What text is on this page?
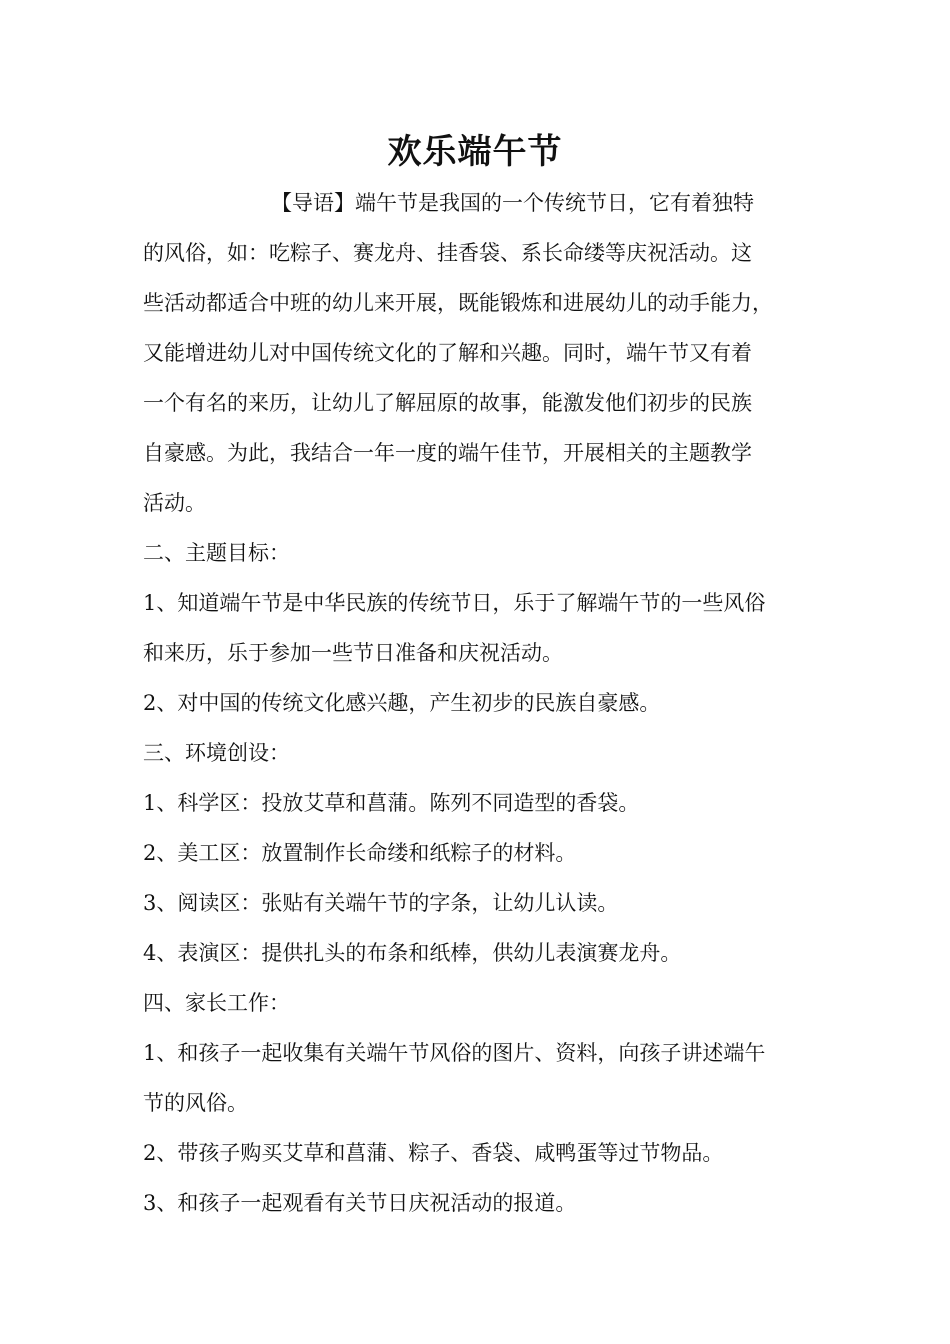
欢乐端午节
【导语】端午节是我国的一个传统节日，它有着独特
的风俗，如：吃粽子、赛龙舟、挂香袋、系长命缕等庆祝活动。这
些活动都适合中班的幼儿来开展，既能锻炼和进展幼儿的动手能力，
又能增进幼儿对中国传统文化的了解和兴趣。同时，端午节又有着
一个有名的来历，让幼儿了解屈原的故事，能激发他们初步的民族
自豪感。为此，我结合一年一度的端午佳节，开展相关的主题教学
活动。
二、主题目标：
1、知道端午节是中华民族的传统节日，乐于了解端午节的一些风俗
和来历，乐于参加一些节日准备和庆祝活动。
2、对中国的传统文化感兴趣，产生初步的民族自豪感。
三、环境创设：
1、科学区：投放艾草和菖蒲。陈列不同造型的香袋。
2、美工区：放置制作长命缕和纸粽子的材料。
3、阅读区：张贴有关端午节的字条，让幼儿认读。
4、表演区：提供扎头的布条和纸棒，供幼儿表演赛龙舟。
四、家长工作：
1、和孩子一起收集有关端午节风俗的图片、资料，向孩子讲述端午
节的风俗。
2、带孩子购买艾草和菖蒲、粽子、香袋、咸鸭蛋等过节物品。
3、和孩子一起观看有关节日庆祝活动的报道。
